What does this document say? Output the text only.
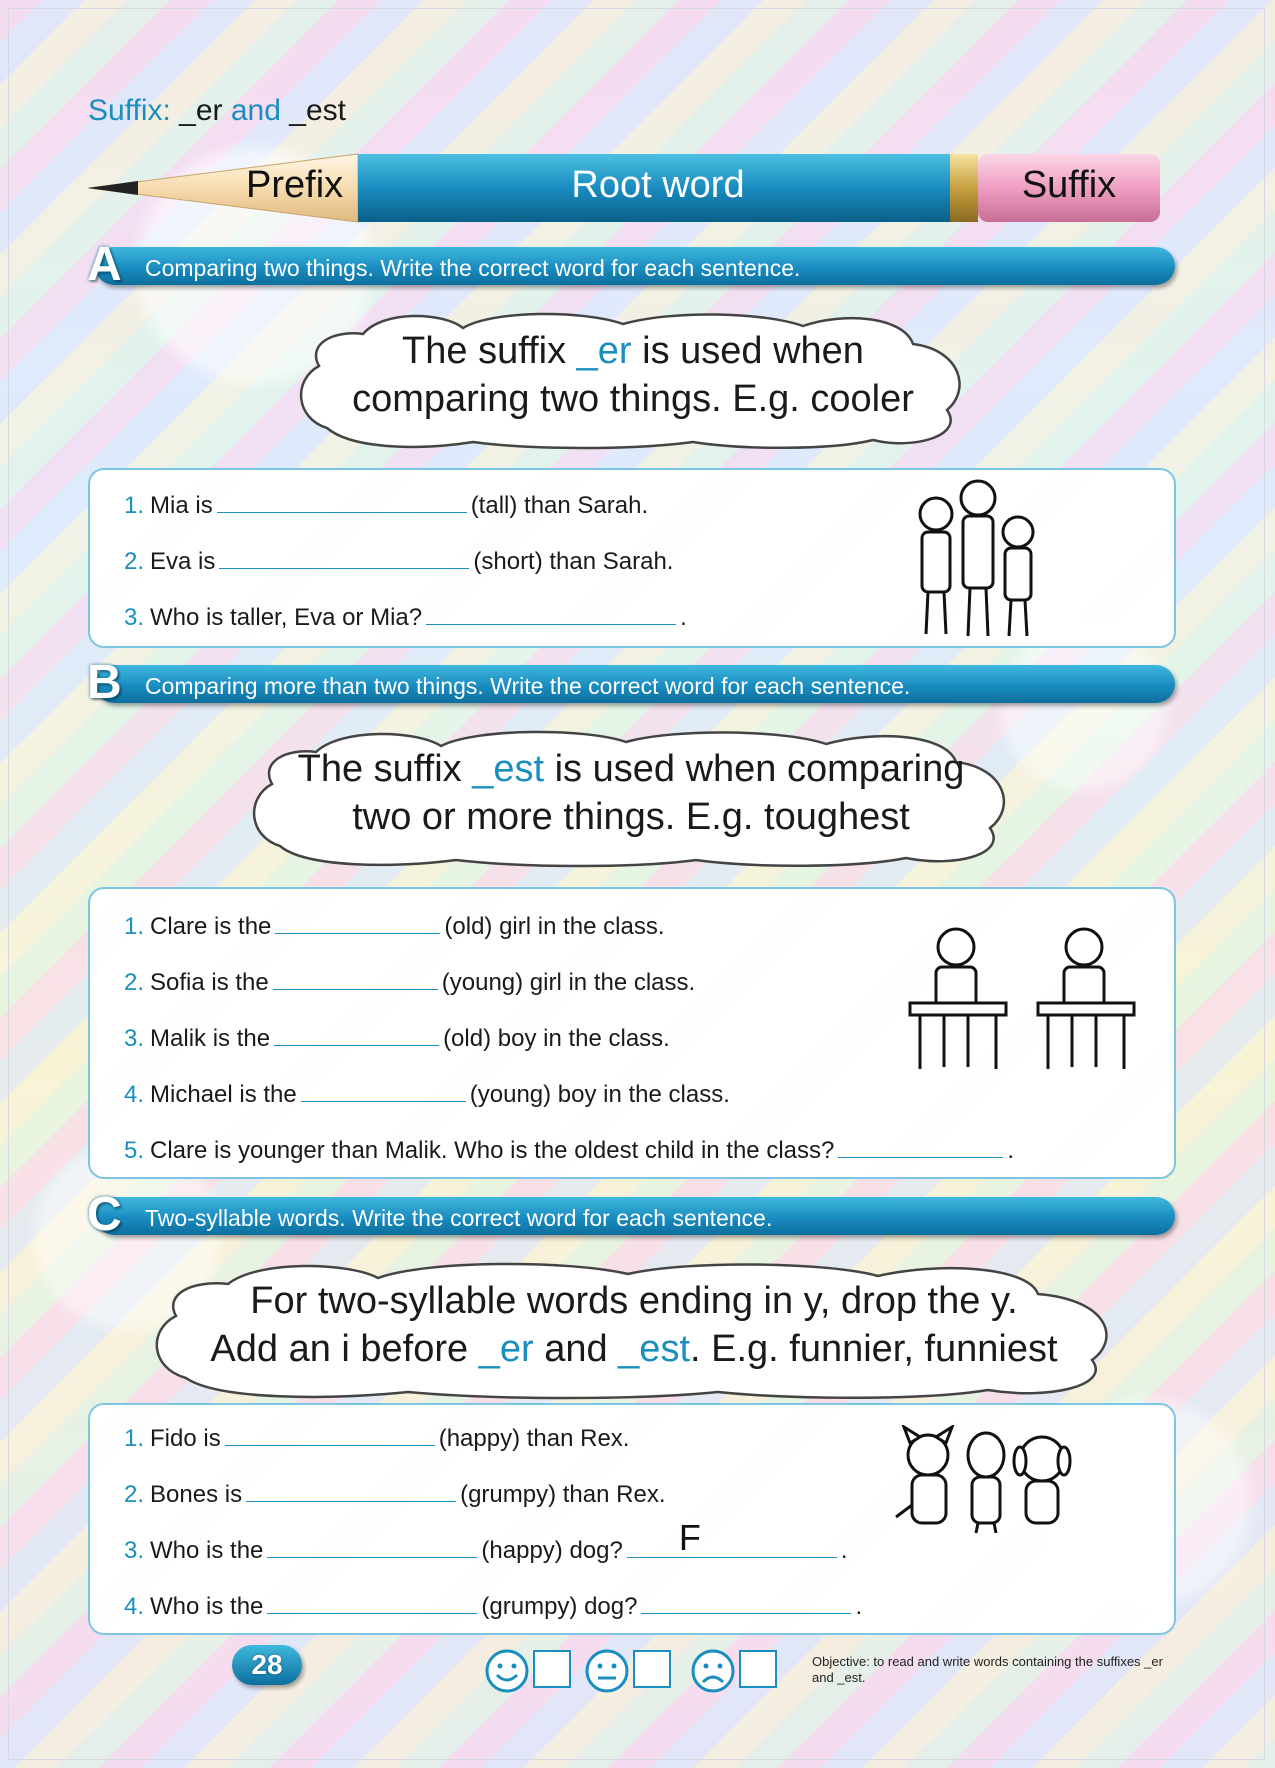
Suffix: _er and _est
Prefix	Root word	Suffix
A Comparing two things. Write the correct word for each sentence.
The suffix _er is used when
comparing two things. E.g. cooler
1. Mia is	(tall) than Sarah.
2. Eva is	(short) than Sarah.
3. Who is taller, Eva or Mia?	.
B Comparing more than two things. Write the correct word for each sentence.
The suffix _est is used when comparing
two or more things. E.g. toughest
1. Clare is the	(old) girl in the class.
2. Sofia is the	(young) girl in the class.
3. Malik is the	(old) boy in the class.
4. Michael is the	(young) boy in the class.
5. Clare is younger than Malik. Who is the oldest child in the class?	.
C Two-syllable words. Write the correct word for each sentence.
For two-syllable words ending in y, drop the y.
Add an i before _er and _est. E.g. funnier, funniest
1. Fido is	(happy) than Rex.
2. Bones is	(grumpy) than Rex.
3. Who is the	(happy) dog? F	.
4. Who is the	(grumpy) dog?	.
28	Objective: to read and write words containing the suffixes _er and _est.
